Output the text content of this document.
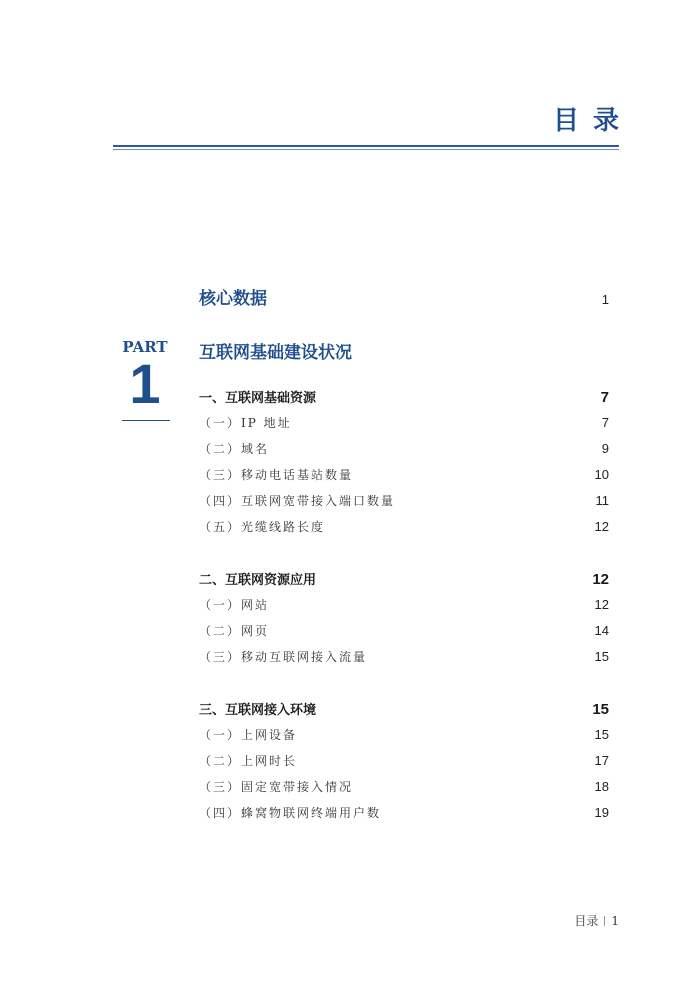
目录
核心数据	1
PART
1	互联网基础建设状况
一、互联网基础资源	7
（一）IP 地址	7
（二）域名	9
（三）移动电话基站数量	10
（四）互联网宽带接入端口数量	11
（五）光缆线路长度	12
二、互联网资源应用	12
（一）网站	12
（二）网页	14
（三）移动互联网接入流量	15
三、互联网接入环境	15
（一）上网设备	15
（二）上网时长	17
（三）固定宽带接入情况	18
（四）蜂窝物联网终端用户数	19
目录 1
